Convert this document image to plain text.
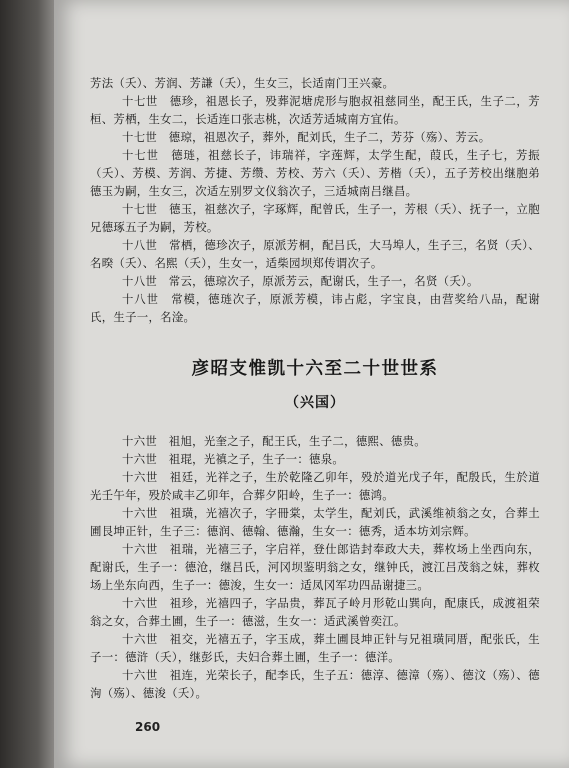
芳法（夭）、芳润、芳謙（夭），生女三，长适南门王兴豪。

十七世　德珍，祖恩长子，殁葬泥塘虎形与胞叔祖慈同坐，配王氏，生子二，芳桓、芳栖，生女二，长适连口张志桃，次适芳适城南方宜佑。

十七世　德琼，祖恩次子，葬外，配刘氏，生子二，芳芬（殇）、芳云。

十七世　德琏，祖慈长子，讳瑞祥，字莲辉，太学生配，葭氏，生子七，芳振（夭）、芳模、芳润、芳捷、芳缵、芳校、芳六（夭）、芳楷（夭），五子芳校出继胞弟德玉为嗣，生女三，次适左别罗文仪翁次子，三适城南吕继昌。

十七世　德玉，祖慈次子，字琢辉，配曾氏，生子一，芳根（夭）、抚子一，立胞兄德琢五子为嗣，芳校。

十八世　常栖，德珍次子，原派芳桐，配吕氏，大马埠人，生子三，名贤（夭）、名暌（夭）、名熙（夭），生女一，适柴园坝郑传谓次子。

十八世　常云，德琼次子，原派芳云，配谢氏，生子一，名贤（夭）。

十八世　常模，德琏次子，原派芳模，讳占彪，字宝良，由营奖给八品，配谢氏，生子一，名淦。

彦昭支惟凯十六至二十世世系
（兴国）

十六世　祖旭，光奎之子，配王氏，生子二，德熙、德贵。

十六世　祖琨，光禛之子，生子一：德泉。

十六世　祖廷，光祥之子，生於乾隆乙卯年，殁於道光戊子年，配殷氏，生於道光壬午年，殁於咸丰乙卯年，合葬夕阳岭，生子一：德鸿。

十六世　祖璜，光禧次子，字冊棠，太学生，配刘氏，武溪维祯翁之女，合葬土圃艮坤正针，生子三：德润、德翰、德瀚，生女一：德秀，适本坊刘宗辉。

十六世　祖瑞，光禧三子，字启祥，登仕郎诰封奉政大夫，葬枚场上坐西向东，配谢氏，生子一：德沧，继吕氏，河冈坝鉴明翁之女，继钟氏，渡江吕茂翁之妹，葬枚场上坐东向西，生子一：德浚，生女一：适凤冈军功四品谢捷三。

十六世　祖珍，光禧四子，字品贵，葬瓦子岭月形乾山巽向，配康氏，成渡祖荣翁之女，合葬土圃，生子一：德滋，生女一：适武溪曾奕江。

十六世　祖交，光禧五子，字玉成，葬土圃艮坤正针与兄祖璜同厝，配张氏，生子一：德浒（夭），继彭氏，夫妇合葬土圃，生子一：德洋。

十六世　祖连，光荣长子，配李氏，生子五：德淳、德漳（殇）、德汶（殇）、德洵（殇）、德浚（夭）。

260
